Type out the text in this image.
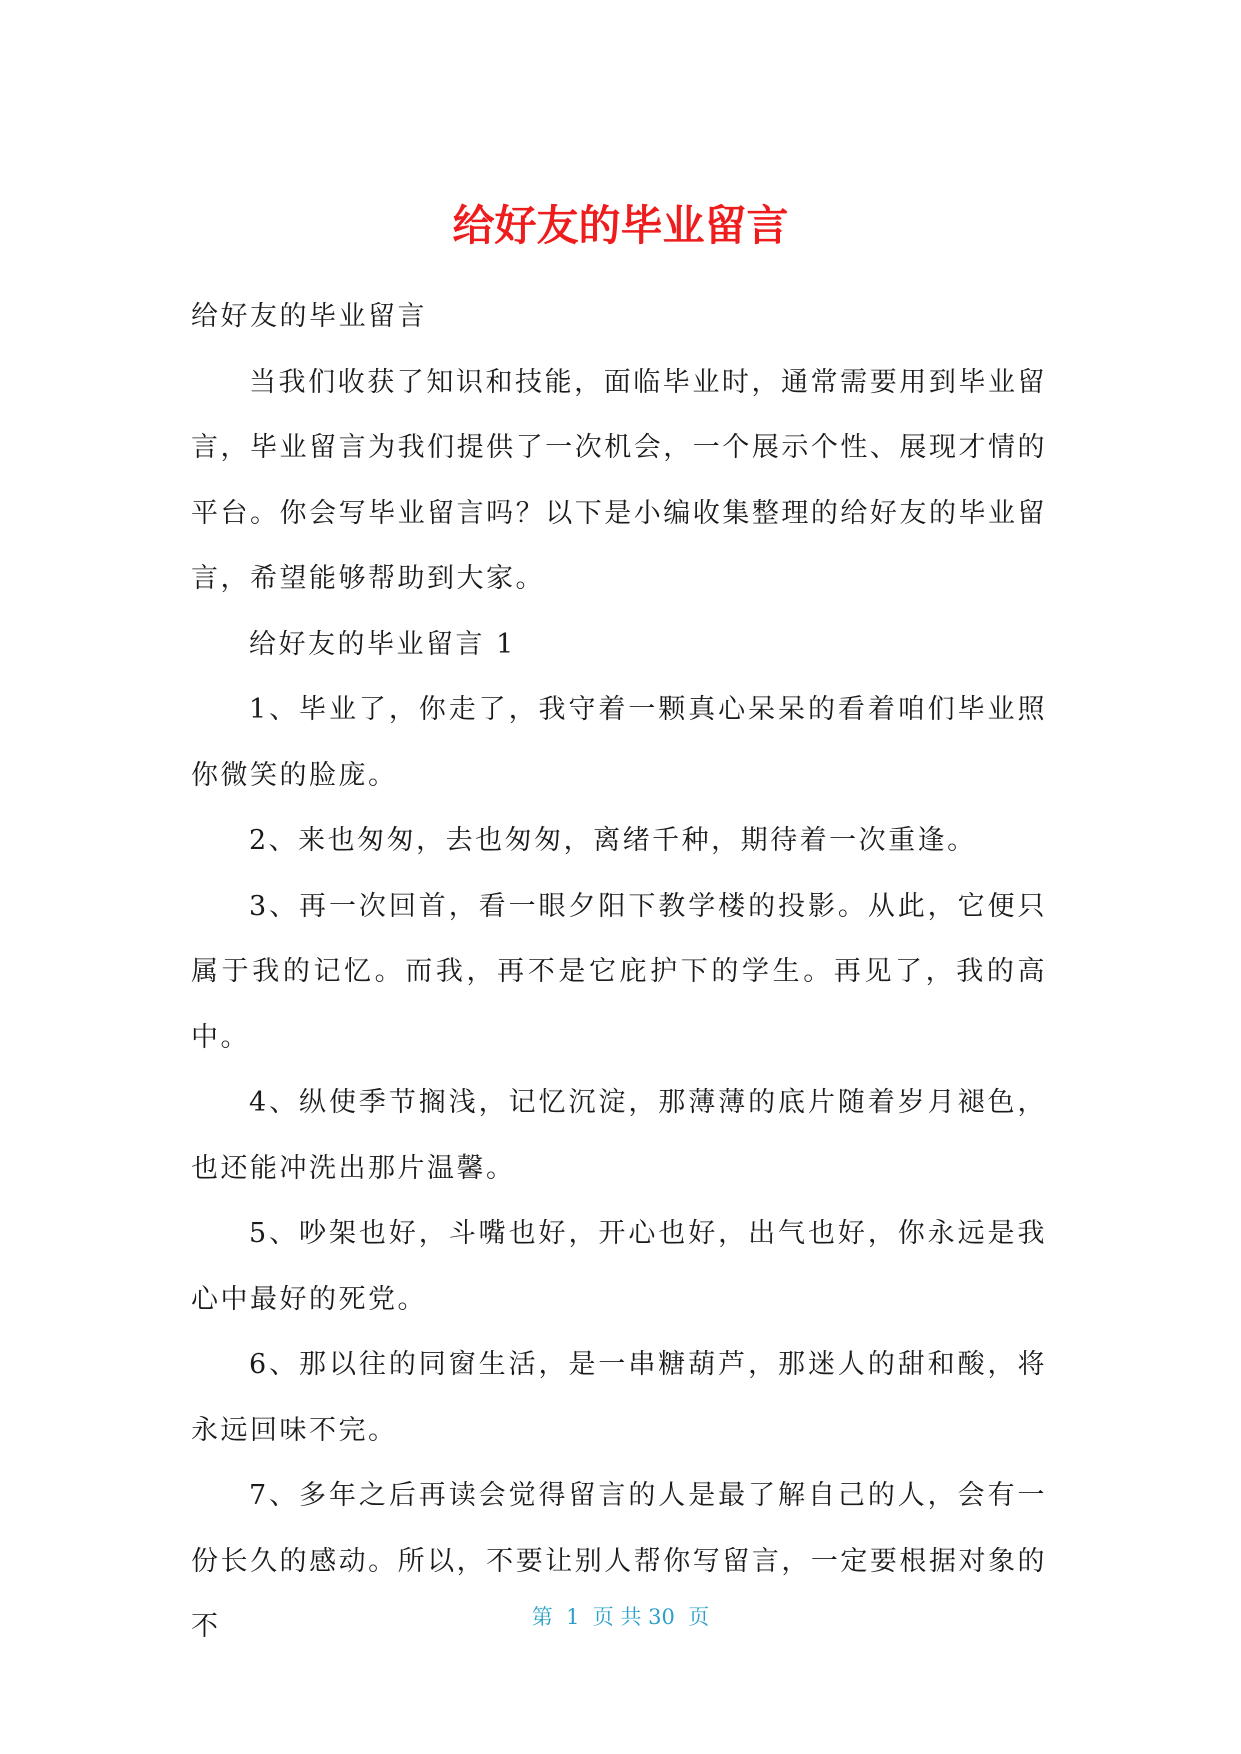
给好友的毕业留言

给好友的毕业留言

当我们收获了知识和技能，面临毕业时，通常需要用到毕业留言，毕业留言为我们提供了一次机会，一个展示个性、展现才情的平台。你会写毕业留言吗？以下是小编收集整理的给好友的毕业留言，希望能够帮助到大家。

给好友的毕业留言 1

1、毕业了，你走了，我守着一颗真心呆呆的看着咱们毕业照你微笑的脸庞。

2、来也匆匆，去也匆匆，离绪千种，期待着一次重逢。

3、再一次回首，看一眼夕阳下教学楼的投影。从此，它便只属于我的记忆。而我，再不是它庇护下的学生。再见了，我的高中。

4、纵使季节搁浅，记忆沉淀，那薄薄的底片随着岁月褪色，也还能冲洗出那片温馨。

5、吵架也好，斗嘴也好，开心也好，出气也好，你永远是我心中最好的死党。

6、那以往的同窗生活，是一串糖葫芦，那迷人的甜和酸，将永远回味不完。

7、多年之后再读会觉得留言的人是最了解自己的人，会有一份长久的感动。所以，不要让别人帮你写留言，一定要根据对象的不	第  1  页 共 30  页
